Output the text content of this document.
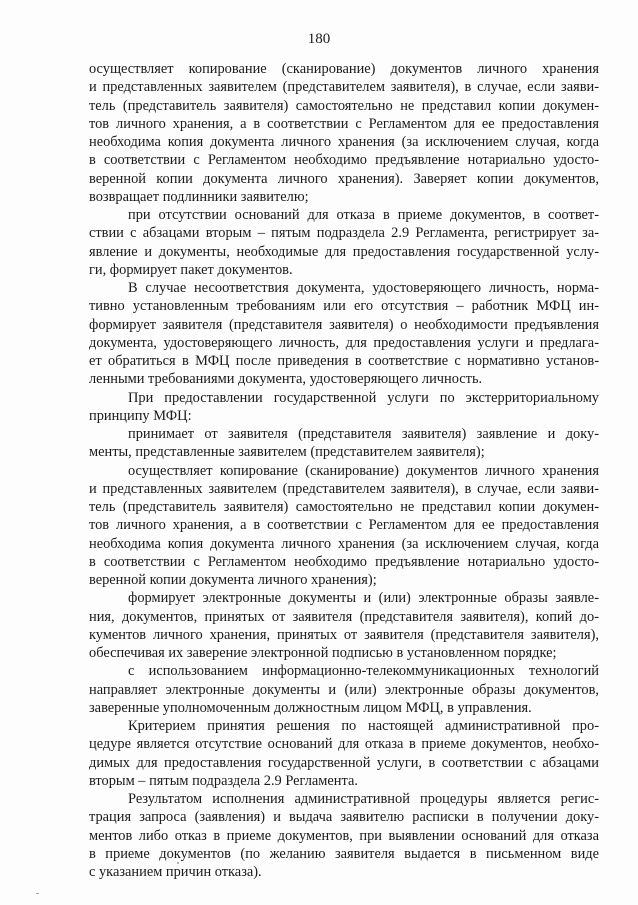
180
осуществляет копирование (сканирование) документов личного хранения
и представленных заявителем (представителем заявителя), в случае, если заяви-
тель (представитель заявителя) самостоятельно не представил копии докумен-
тов личного хранения, а в соответствии с Регламентом для ее предоставления
необходима копия документа личного хранения (за исключением случая, когда
в соответствии с Регламентом необходимо предъявление нотариально удосто-
веренной копии документа личного хранения). Заверяет копии документов,
возвращает подлинники заявителю;
при отсутствии оснований для отказа в приеме документов, в соответ-
ствии с абзацами вторым – пятым подраздела 2.9 Регламента, регистрирует за-
явление и документы, необходимые для предоставления государственной услу-
ги, формирует пакет документов.
В случае несоответствия документа, удостоверяющего личность, норма-
тивно установленным требованиям или его отсутствия – работник МФЦ ин-
формирует заявителя (представителя заявителя) о необходимости предъявления
документа, удостоверяющего личность, для предоставления услуги и предлага-
ет обратиться в МФЦ после приведения в соответствие с нормативно установ-
ленными требованиями документа, удостоверяющего личность.
При предоставлении государственной услуги по экстерриториальному
принципу МФЦ:
принимает от заявителя (представителя заявителя) заявление и доку-
менты, представленные заявителем (представителем заявителя);
осуществляет копирование (сканирование) документов личного хранения
и представленных заявителем (представителем заявителя), в случае, если заяви-
тель (представитель заявителя) самостоятельно не представил копии докумен-
тов личного хранения, а в соответствии с Регламентом для ее предоставления
необходима копия документа личного хранения (за исключением случая, когда
в соответствии с Регламентом необходимо предъявление нотариально удосто-
веренной копии документа личного хранения);
формирует электронные документы и (или) электронные образы заявле-
ния, документов, принятых от заявителя (представителя заявителя), копий до-
кументов личного хранения, принятых от заявителя (представителя заявителя),
обеспечивая их заверение электронной подписью в установленном порядке;
с использованием информационно-телекоммуникационных технологий
направляет электронные документы и (или) электронные образы документов,
заверенные уполномоченным должностным лицом МФЦ, в управления.
Критерием принятия решения по настоящей административной про-
цедуре является отсутствие оснований для отказа в приеме документов, необхо-
димых для предоставления государственной услуги, в соответствии с абзацами
вторым – пятым подраздела 2.9 Регламента.
Результатом исполнения административной процедуры является регис-
трация запроса (заявления) и выдача заявителю расписки в получении доку-
ментов либо отказ в приеме документов, при выявлении оснований для отказа
в приеме документов (по желанию заявителя выдается в письменном виде
с указанием причин отказа).
